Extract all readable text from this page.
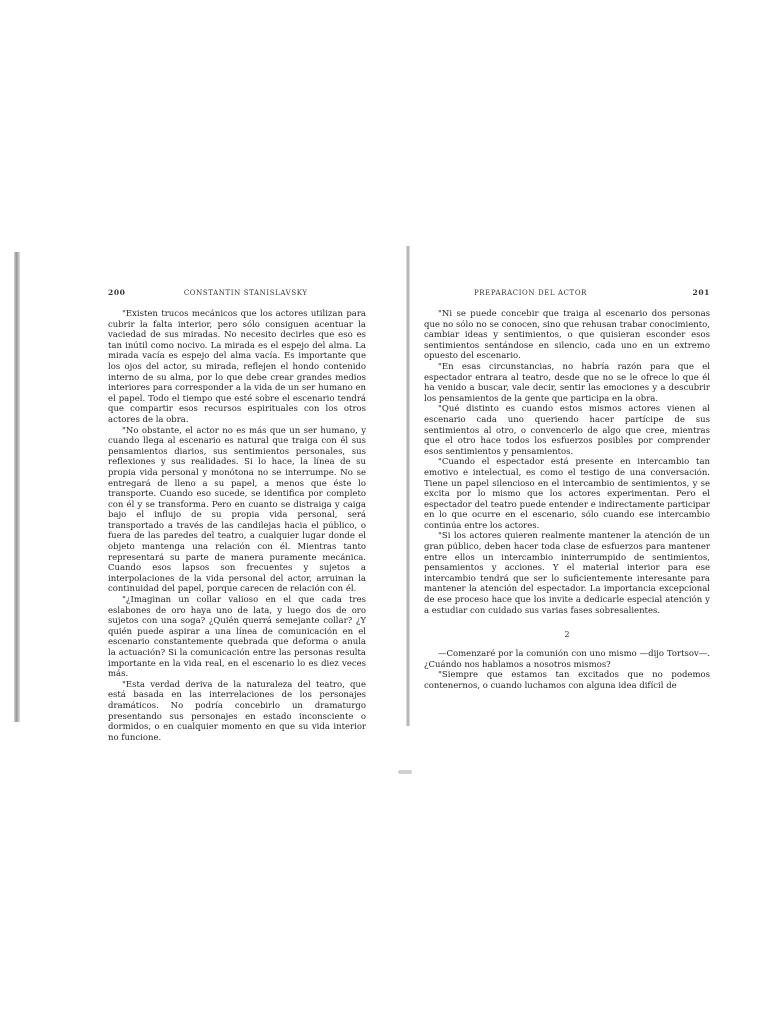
200	CONSTANTIN STANISLAVSKY

"Existen trucos mecánicos que los actores utilizan para cubrir la falta interior, pero sólo consiguen acentuar la vaciedad de sus miradas. No necesito decirles que eso es tan inútil como nocivo. La mirada es el espejo del alma. La mirada vacía es espejo del alma vacía. Es importante que los ojos del actor, su mirada, reflejen el hondo contenido interno de su alma, por lo que debe crear grandes medios interiores para corresponder a la vida de un ser humano en el papel. Todo el tiempo que esté sobre el escenario tendrá que compartir esos recursos espirituales con los otros actores de la obra.

"No obstante, el actor no es más que un ser humano, y cuando llega al escenario es natural que traiga con él sus pensamientos diarios, sus sentimientos personales, sus reflexiones y sus realidades. Si lo hace, la línea de su propia vida personal y monótona no se interrumpe. No se entregará de lleno a su papel, a menos que éste lo transporte. Cuando eso sucede, se identifica por completo con él y se transforma. Pero en cuanto se distraiga y caiga bajo el influjo de su propia vida personal, será transportado a través de las candilejas hacia el público, o fuera de las paredes del teatro, a cualquier lugar donde el objeto mantenga una relación con él. Mientras tanto representará su parte de manera puramente mecánica. Cuando esos lapsos son frecuentes y sujetos a interpolaciones de la vida personal del actor, arruinan la continuidad del papel, porque carecen de relación con él.

"¿Imaginan un collar valioso en el que cada tres eslabones de oro haya uno de lata, y luego dos de oro sujetos con una soga? ¿Quién querrá semejante collar? ¿Y quién puede aspirar a una línea de comunicación en el escenario constantemente quebrada que deforma o anula la actuación? Si la comunicación entre las personas resulta importante en la vida real, en el escenario lo es diez veces más.

"Esta verdad deriva de la naturaleza del teatro, que está basada en las interrelaciones de los personajes dramáticos. No podría concebirlo un dramaturgo presentando sus personajes en estado inconsciente o dormidos, o en cualquier momento en que su vida interior no funcione.

PREPARACION DEL ACTOR	201

"Ni se puede concebir que traiga al escenario dos personas que no sólo no se conocen, sino que rehusan trabar conocimiento, cambiar ideas y sentimientos, o que quisieran esconder esos sentimientos sentándose en silencio, cada uno en un extremo opuesto del escenario.

"En esas circunstancias, no habría razón para que el espectador entrara al teatro, desde que no se le ofrece lo que él ha venido a buscar, vale decir, sentir las emociones y a descubrir los pensamientos de la gente que participa en la obra.

"Qué distinto es cuando estos mismos actores vienen al escenario cada uno queriendo hacer partícipe de sus sentimientos al otro, o convencerlo de algo que cree, mientras que el otro hace todos los esfuerzos posibles por comprender esos sentimientos y pensamientos.

"Cuando el espectador está presente en intercambio tan emotivo e intelectual, es como el testigo de una conversación. Tiene un papel silencioso en el intercambio de sentimientos, y se excita por lo mismo que los actores experimentan. Pero el espectador del teatro puede entender e indirectamente participar en lo que ocurre en el escenario, sólo cuando ese intercambio continúa entre los actores.

"Si los actores quieren realmente mantener la atención de un gran público, deben hacer toda clase de esfuerzos para mantener entre ellos un intercambio ininterrumpido de sentimientos, pensamientos y acciones. Y el material interior para ese intercambio tendrá que ser lo suficientemente interesante para mantener la atención del espectador. La importancia excepcional de ese proceso hace que los invite a dedicarle especial atención y a estudiar con cuidado sus varias fases sobresalientes.

2

—Comenzaré por la comunión con uno mismo —dijo Tortsov—. ¿Cuándo nos hablamos a nosotros mismos?

"Siempre que estamos tan excitados que no podemos contenernos, o cuando luchamos con alguna idea difícil de
